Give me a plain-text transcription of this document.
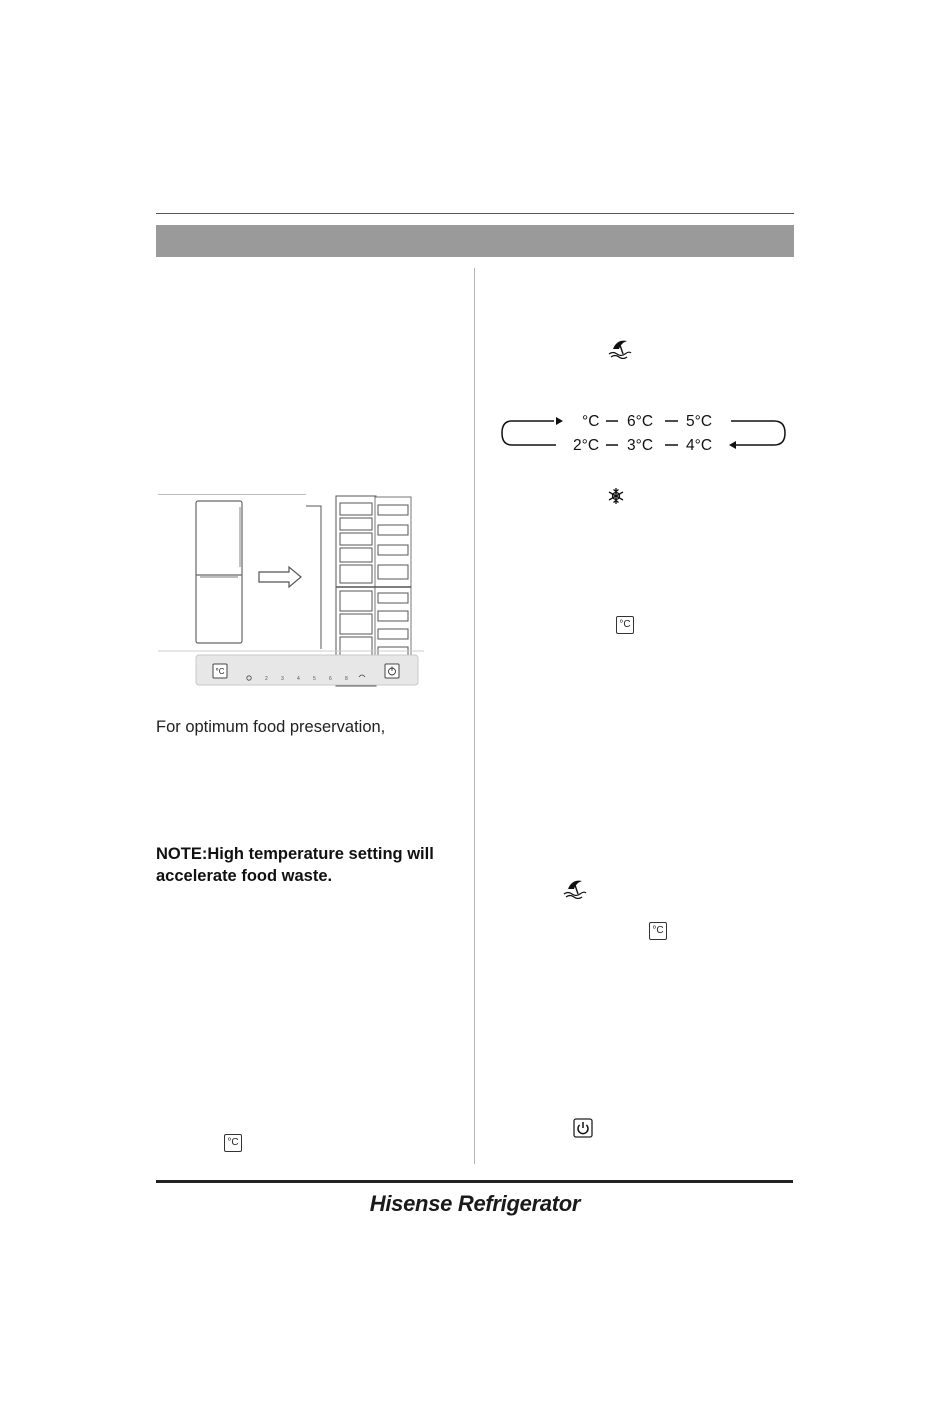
°C
2	3	4	5	6	8
For optimum food preservation,
NOTE:High temperature setting will
accelerate food waste.
°C
°C 6°C 5°C
2°C 3°C 4°C
°C
°C
Hisense Refrigerator
